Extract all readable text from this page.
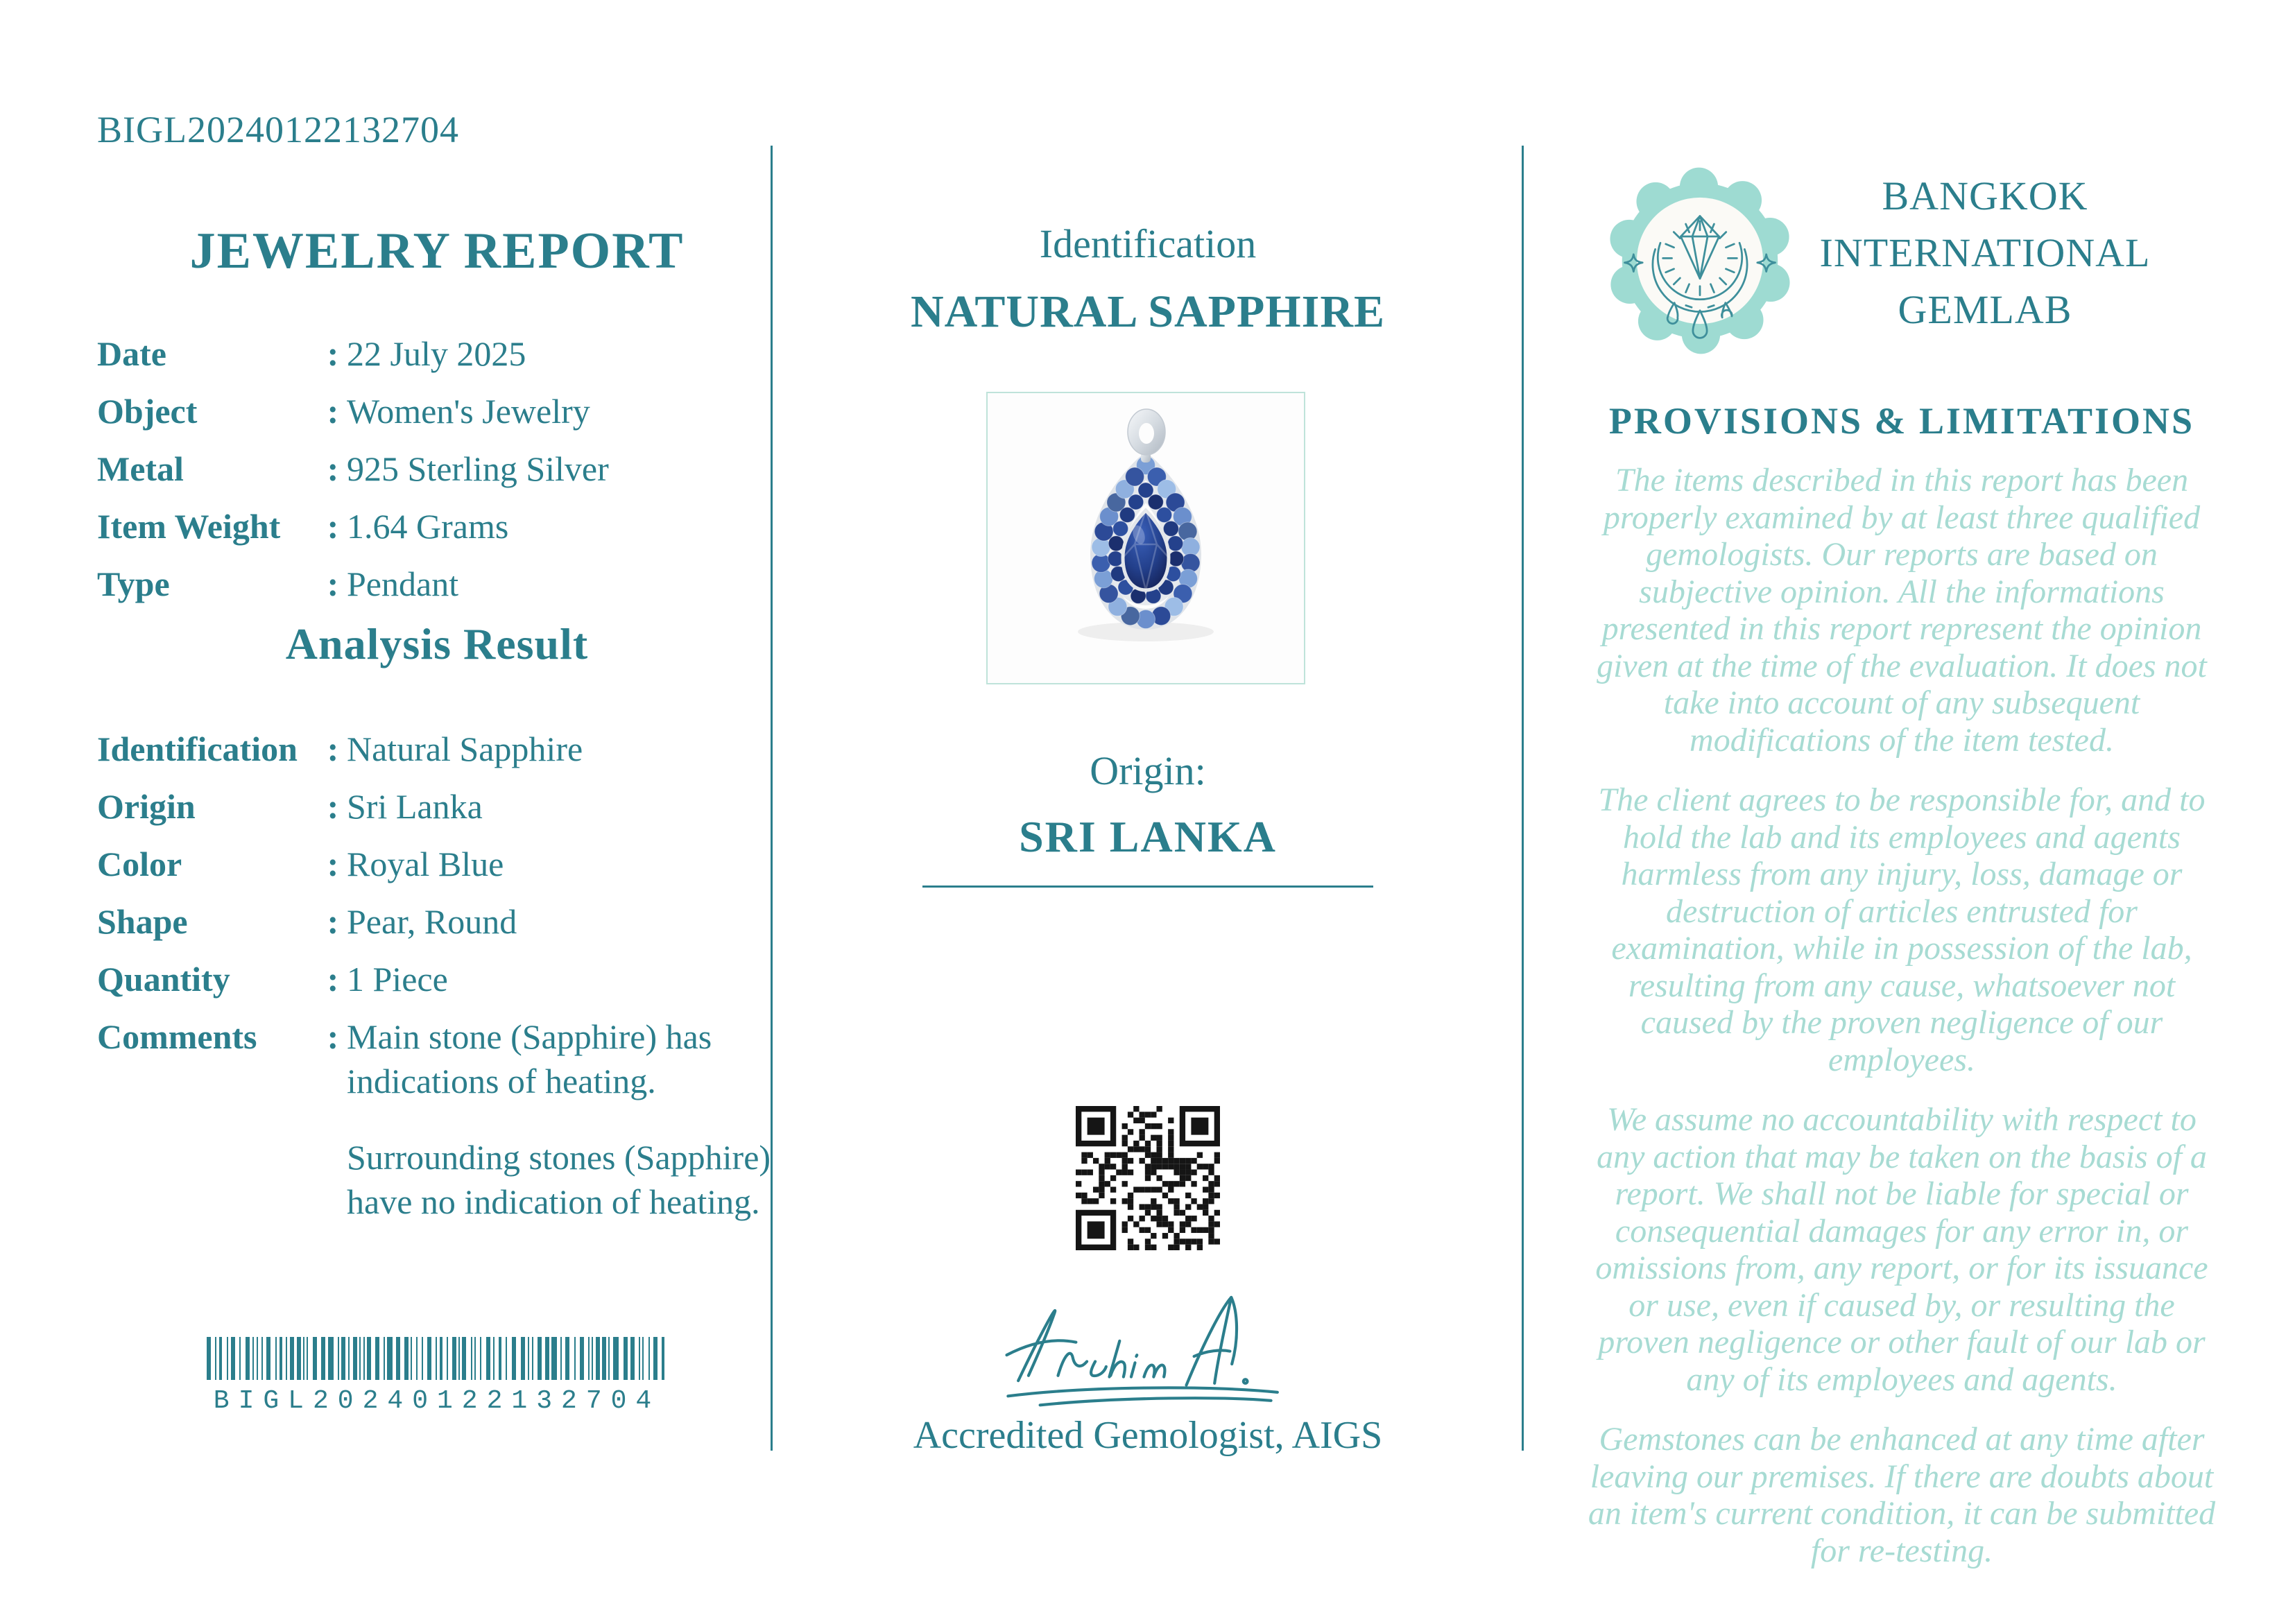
BIGL20240122132704
JEWELRY REPORT
Date	: 22 July 2025
Object	: Women's Jewelry
Metal	: 925 Sterling Silver
Item Weight	: 1.64 Grams
Type	: Pendant
Analysis Result
Identification : Natural Sapphire
Origin	: Sri Lanka
Color	: Royal Blue
Shape	: Pear, Round
Quantity	: 1 Piece
Comments	: Main stone (Sapphire) has indications of heating.

Surrounding stones (Sapphire) have no indication of heating.

BIGL20240122132704
Identification
NATURAL SAPPHIRE
Origin:
SRI LANKA
Accredited Gemologist, AIGS
BANGKOK
INTERNATIONAL
GEMLAB
PROVISIONS & LIMITATIONS

The items described in this report has been properly examined by at least three qualified gemologists. Our reports are based on subjective opinion. All the informations presented in this report represent the opinion given at the time of the evaluation. It does not take into account of any subsequent modifications of the item tested.

The client agrees to be responsible for, and to hold the lab and its employees and agents harmless from any injury, loss, damage or destruction of articles entrusted for examination, while in possession of the lab, resulting from any cause, whatsoever not caused by the proven negligence of our employees.

We assume no accountability with respect to any action that may be taken on the basis of a report. We shall not be liable for special or consequential damages for any error in, or omissions from, any report, or for its issuance or use, even if caused by, or resulting the proven negligence or other fault of our lab or any of its employees and agents.

Gemstones can be enhanced at any time after leaving our premises. If there are doubts about an item's current condition, it can be submitted for re-testing.
